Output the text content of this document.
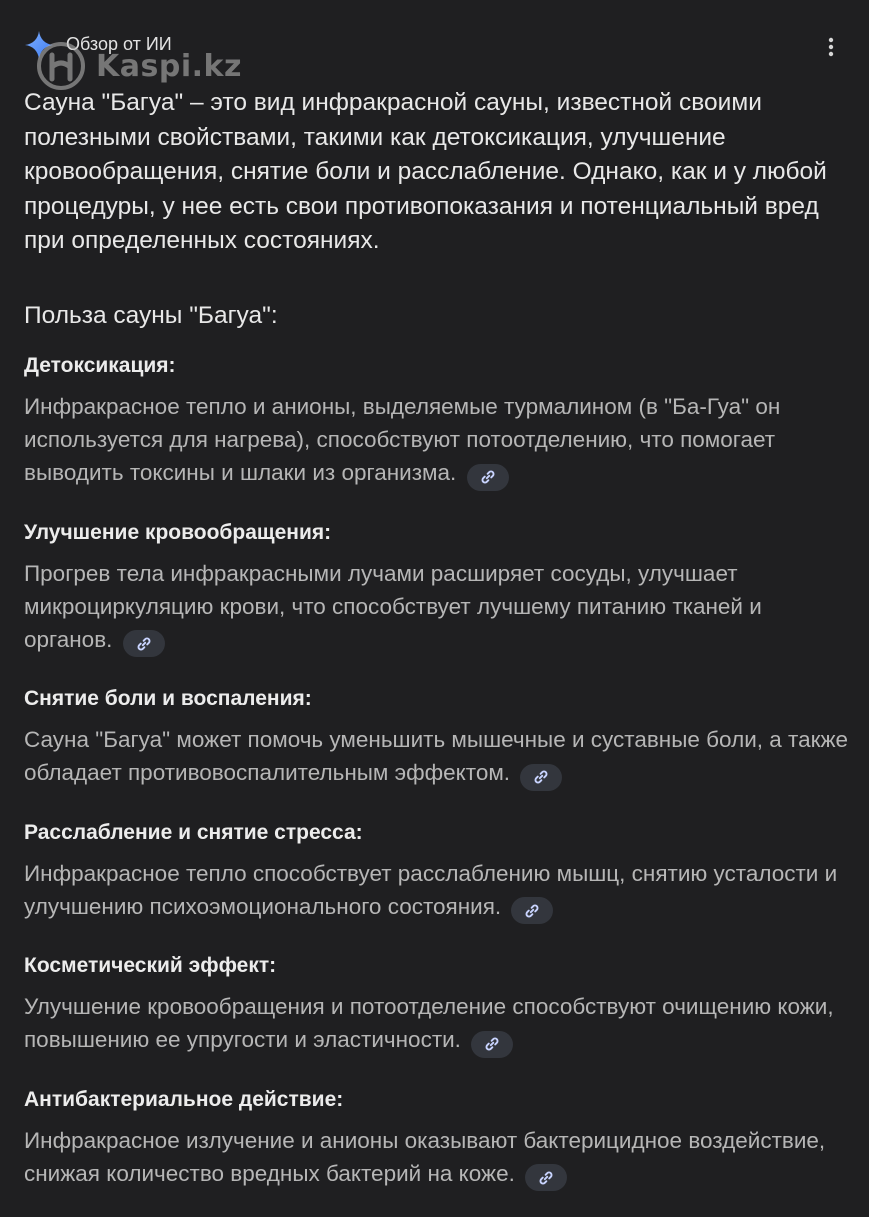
Обзор от ИИ
Kaspi.kz

Сауна "Багуа" – это вид инфракрасной сауны, известной своими полезными свойствами, такими как детоксикация, улучшение кровообращения, снятие боли и расслабление. Однако, как и у любой процедуры, у нее есть свои противопоказания и потенциальный вред при определенных состояниях.

Польза сауны "Багуа":

Детоксикация:

Инфракрасное тепло и анионы, выделяемые турмалином (в "Ба-Гуа" он используется для нагрева), способствуют потоотделению, что помогает выводить токсины и шлаки из организма.

Улучшение кровообращения:

Прогрев тела инфракрасными лучами расширяет сосуды, улучшает микроциркуляцию крови, что способствует лучшему питанию тканей и органов.

Снятие боли и воспаления:

Сауна "Багуа" может помочь уменьшить мышечные и суставные боли, а также обладает противовоспалительным эффектом.

Расслабление и снятие стресса:

Инфракрасное тепло способствует расслаблению мышц, снятию усталости и улучшению психоэмоционального состояния.

Косметический эффект:

Улучшение кровообращения и потоотделение способствуют очищению кожи, повышению ее упругости и эластичности.

Антибактериальное действие:

Инфракрасное излучение и анионы оказывают бактерицидное воздействие, снижая количество вредных бактерий на коже.
